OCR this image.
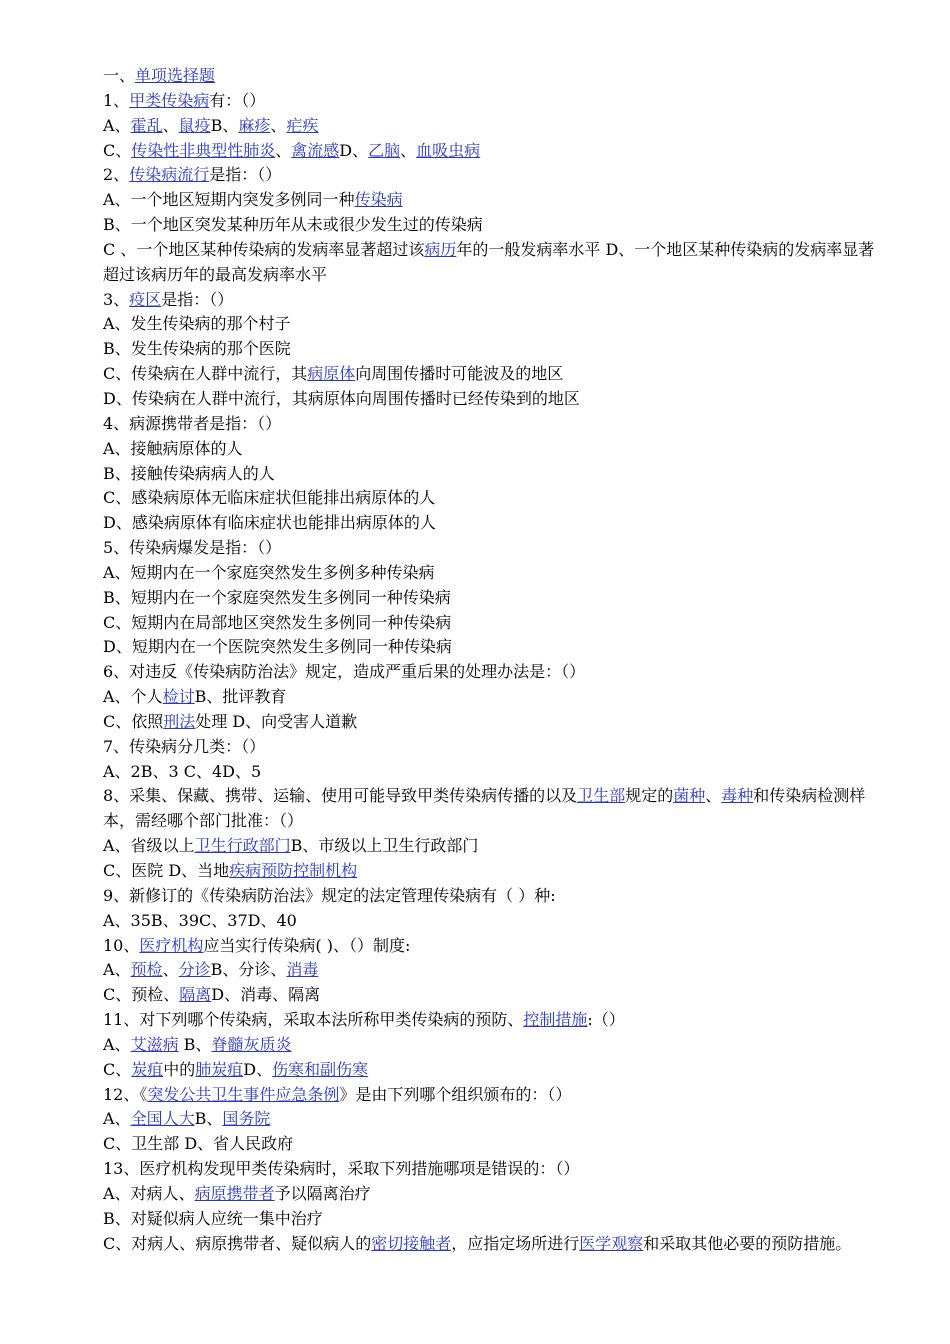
一、单项选择题

1、甲类传染病有：（）

A、霍乱、鼠疫B、麻疹、疟疾

C、传染性非典型性肺炎、禽流感D、乙脑、血吸虫病

2、传染病流行是指：（）

A、一个地区短期内突发多例同一种传染病

B、一个地区突发某种历年从未或很少发生过的传染病

C 、一个地区某种传染病的发病率显著超过该病历年的一般发病率水平 D、一个地区某种传染病的发病率显著超过该病历年的最高发病率水平

3、疫区是指：（）

A、发生传染病的那个村子

B、发生传染病的那个医院

C、传染病在人群中流行，其病原体向周围传播时可能波及的地区

D、传染病在人群中流行，其病原体向周围传播时已经传染到的地区

4、病源携带者是指：（）

A、接触病原体的人

B、接触传染病病人的人

C、感染病原体无临床症状但能排出病原体的人

D、感染病原体有临床症状也能排出病原体的人

5、传染病爆发是指：（）

A、短期内在一个家庭突然发生多例多种传染病

B、短期内在一个家庭突然发生多例同一种传染病

C、短期内在局部地区突然发生多例同一种传染病

D、短期内在一个医院突然发生多例同一种传染病

6、对违反《传染病防治法》规定，造成严重后果的处理办法是：（）

A、个人检讨B、批评教育

C、依照刑法处理 D、向受害人道歉

7、传染病分几类：（）

A、2B、3 C、4D、5

8、采集、保藏、携带、运输、使用可能导致甲类传染病传播的以及卫生部规定的菌种、毒种和传染病检测样本，需经哪个部门批准：（）

A、省级以上卫生行政部门B、市级以上卫生行政部门

C、医院 D、当地疾病预防控制机构

9、新修订的《传染病防治法》规定的法定管理传染病有（ ）种:

A、35B、39C、37D、40

10、医疗机构应当实行传染病( )、（）制度:

A、预检、分诊B、分诊、消毒

C、预检、隔离D、消毒、隔离

11、对下列哪个传染病，采取本法所称甲类传染病的预防、控制措施:（）

A、艾滋病 B、脊髓灰质炎

C、炭疽中的肺炭疽D、伤寒和副伤寒

12、《突发公共卫生事件应急条例》是由下列哪个组织颁布的：（）

A、全国人大B、国务院

C、卫生部 D、省人民政府

13、医疗机构发现甲类传染病时，采取下列措施哪项是错误的：（）

A、对病人、病原携带者予以隔离治疗

B、对疑似病人应统一集中治疗

C、对病人、病原携带者、疑似病人的密切接触者，应指定场所进行医学观察和采取其他必要的预防措施。
